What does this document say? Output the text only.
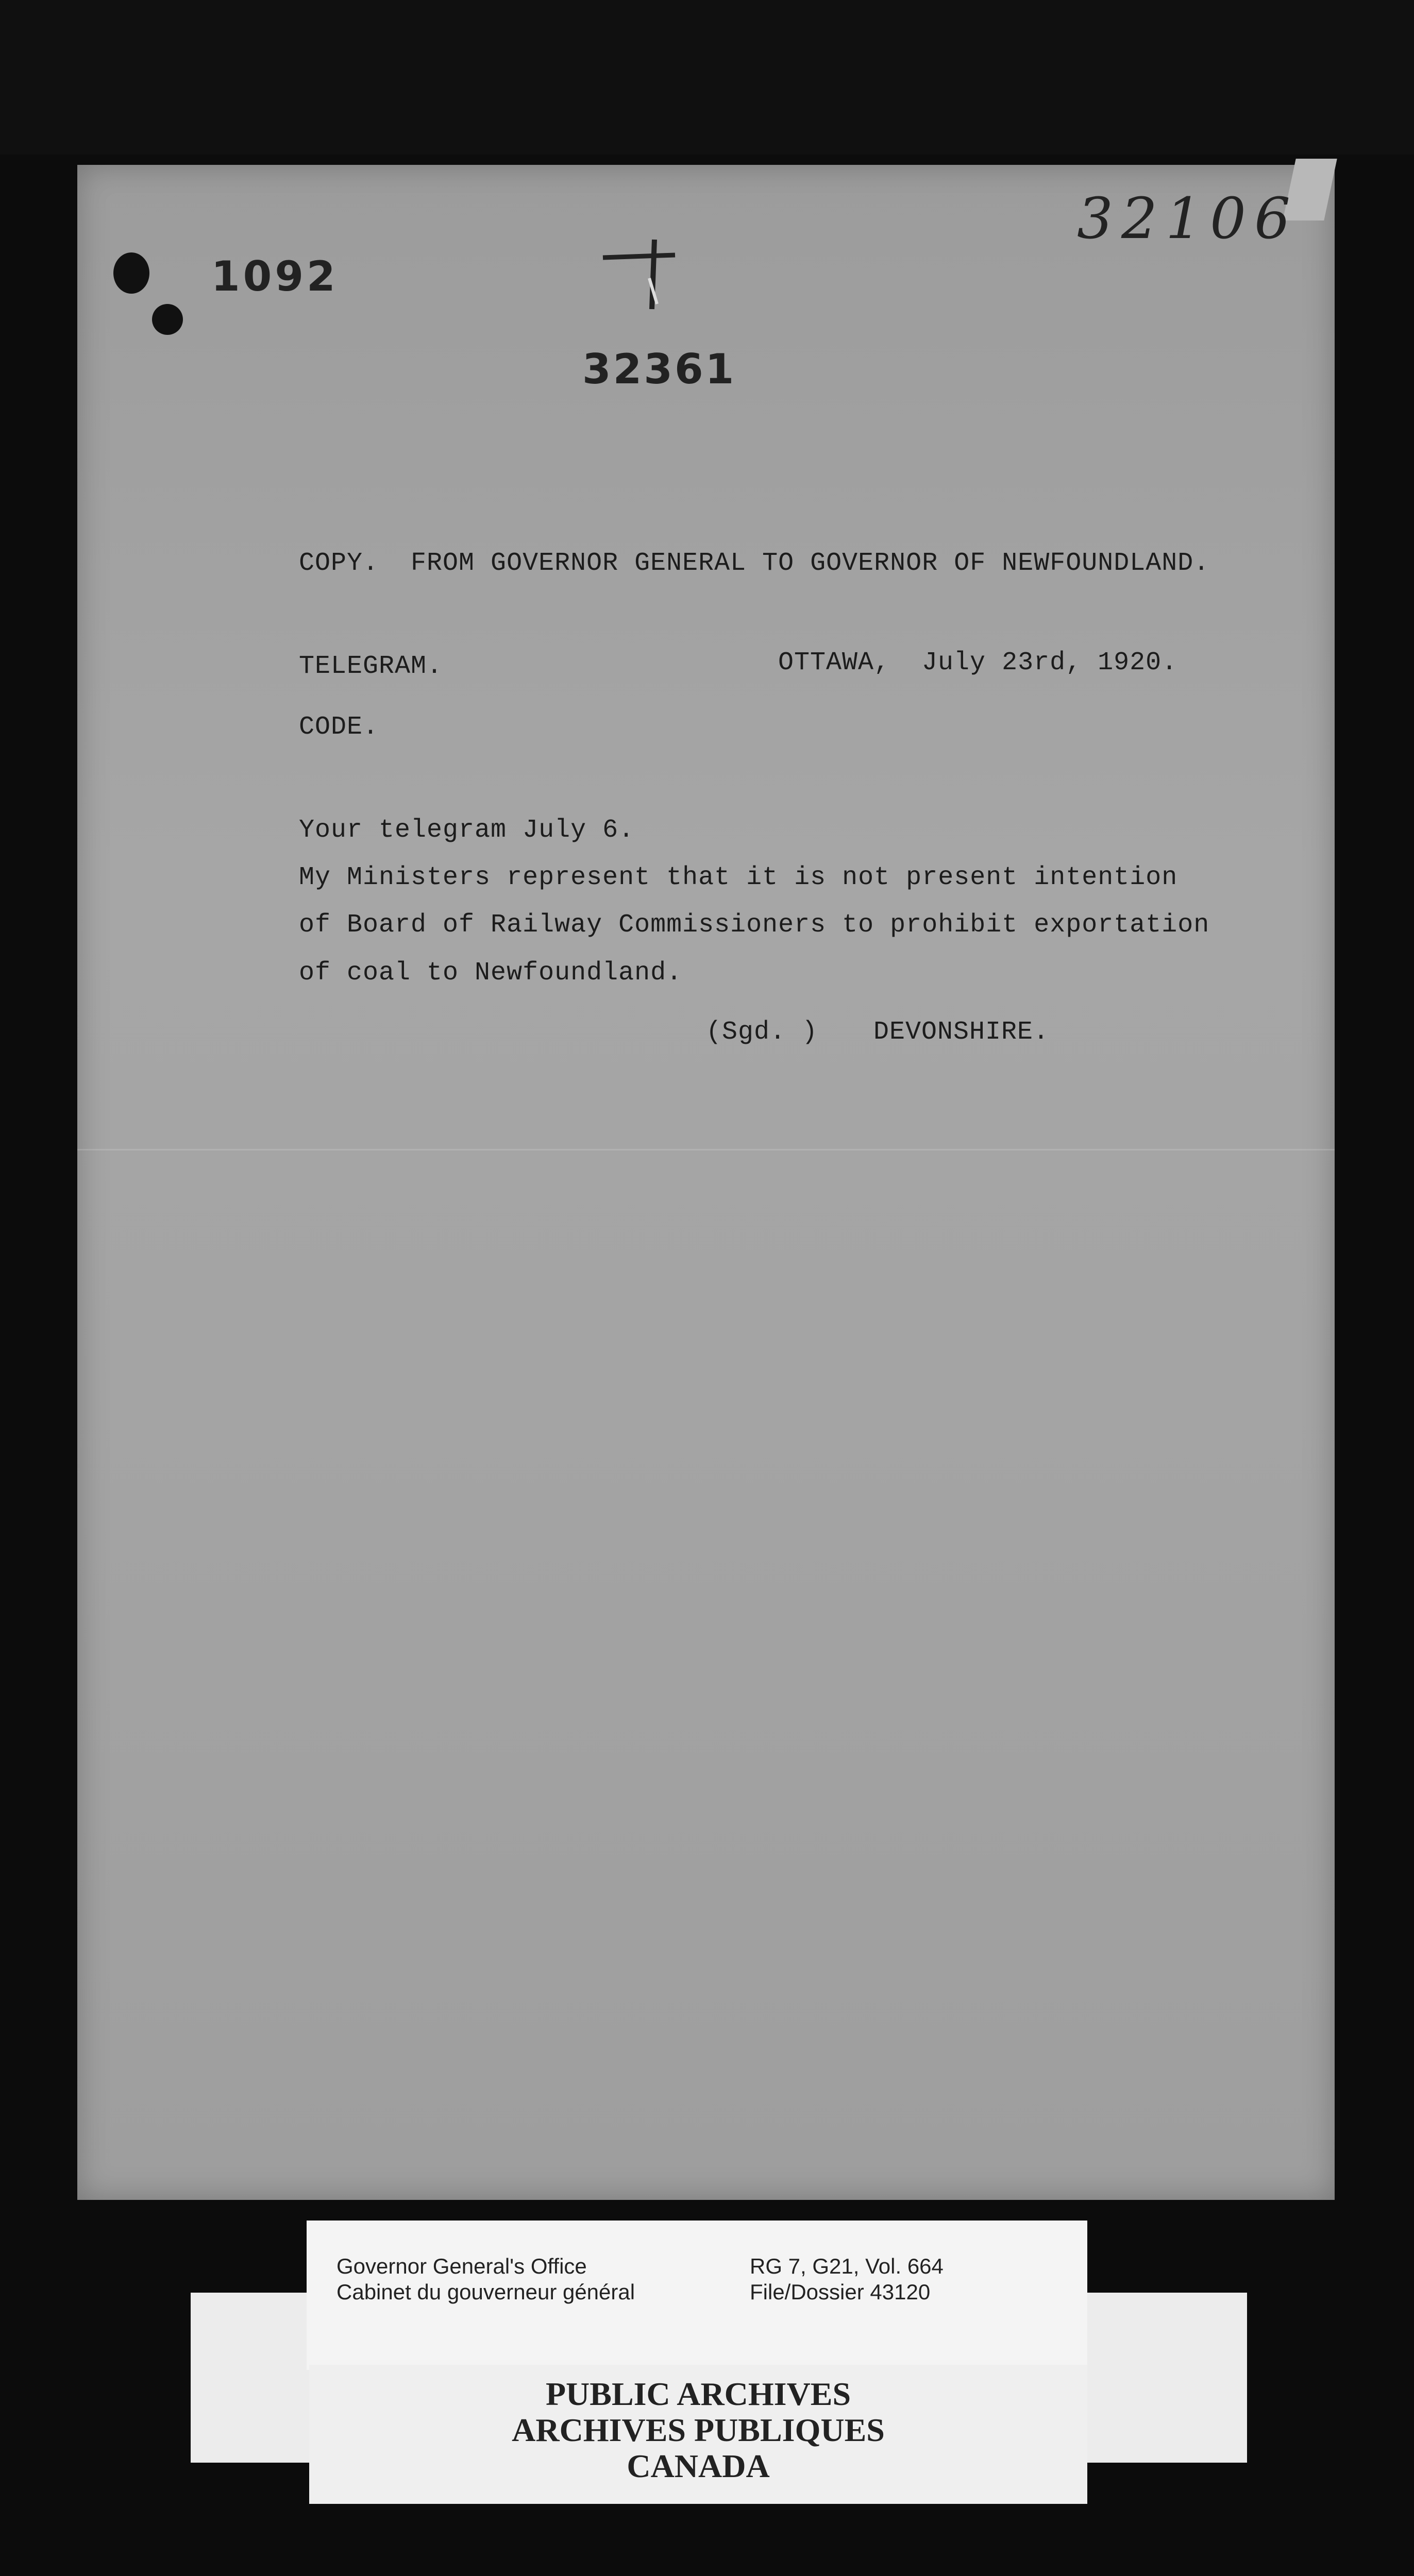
32106
1092
32361
COPY.  FROM GOVERNOR GENERAL TO GOVERNOR OF NEWFOUNDLAND.
TELEGRAM.	OTTAWA,  July 23rd, 1920.
CODE.
Your telegram July 6.
My Ministers represent that it is not present intention
of Board of Railway Commissioners to prohibit exportation
of coal to Newfoundland.
(Sgd. ) DEVONSHIRE.
Governor General's Office
Cabinet du gouverneur général
RG 7, G21, Vol. 664
File/Dossier 43120
PUBLIC ARCHIVES
ARCHIVES PUBLIQUES
CANADA
